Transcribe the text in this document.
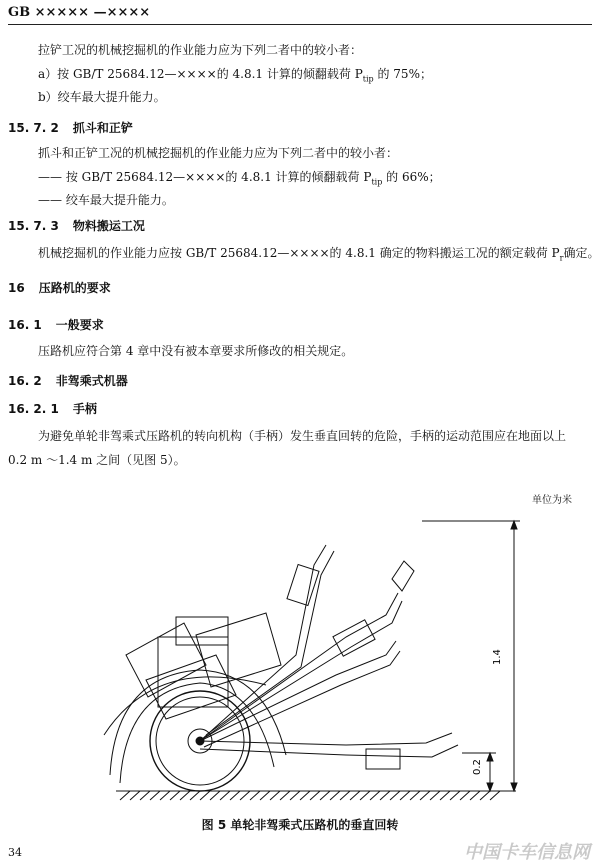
GB ××××× —××××
拉铲工况的机械挖掘机的作业能力应为下列二者中的较小者：
a）按 GB/T 25684.12—××××的 4.8.1 计算的倾翻载荷 $P_{tip}$ 的 75%；
b）绞车最大提升能力。
15. 7. 2 抓斗和正铲
抓斗和正铲工况的机械挖掘机的作业能力应为下列二者中的较小者：
—— 按 GB/T 25684.12—××××的 4.8.1 计算的倾翻载荷 $P_{tip}$ 的 66%；
—— 绞车最大提升能力。
15. 7. 3 物料搬运工况
机械挖掘机的作业能力应按 GB/T 25684.12—××××的 4.8.1 确定的物料搬运工况的额定载荷 $P_r$确定。
16 压路机的要求
16. 1 一般要求
压路机应符合第 4 章中没有被本章要求所修改的相关规定。
16. 2 非驾乘式机器
16. 2. 1 手柄
为避免单轮非驾乘式压路机的转向机构（手柄）发生垂直回转的危险，手柄的运动范围应在地面以上
0.2 m ～1.4 m 之间（见图 5）。
单位为米
1.4
0.2
图 5 单轮非驾乘式压路机的垂直回转
34	中国卡车信息网
